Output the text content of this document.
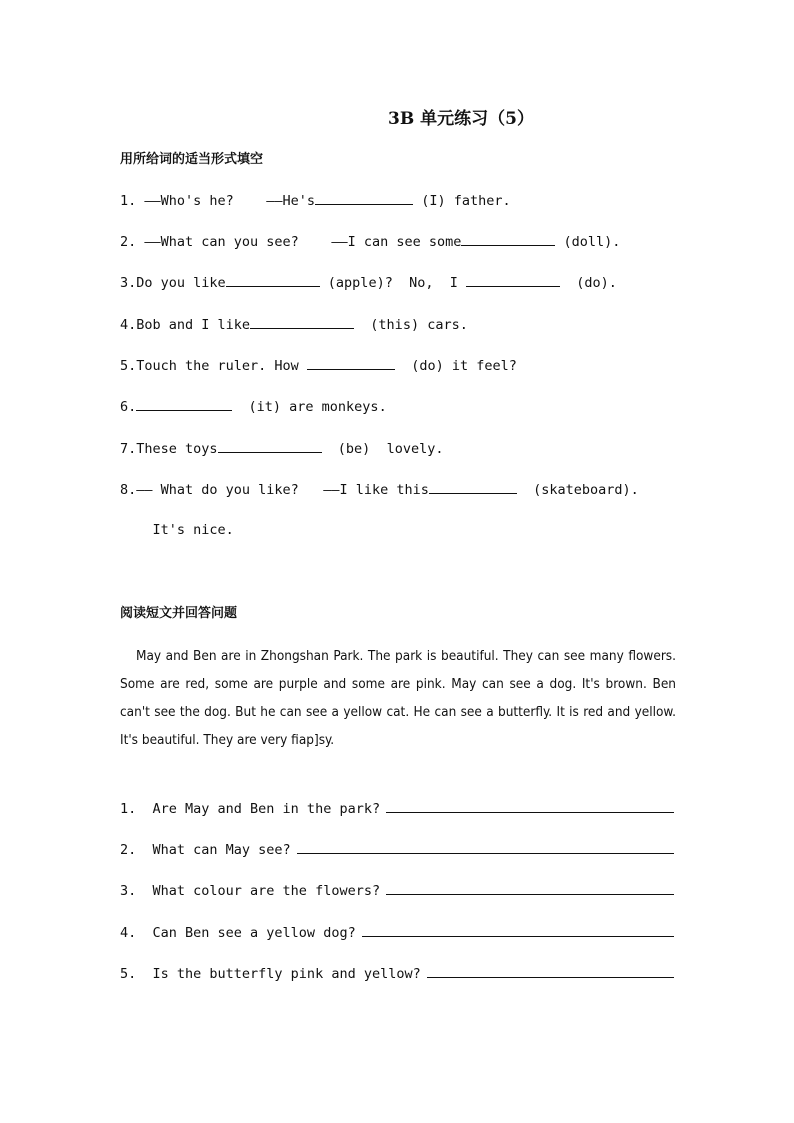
3B 单元练习（5）
用所给词的适当形式填空
1. ——Who's he?    ——He's	(I) father.
2. ——What can you see?    ——I can see some	(doll).
3.Do you like	(apple)?  No,  I	(do).
4.Bob and I like	(this) cars.
5.Touch the ruler. How	(do) it feel?
6.	(it) are monkeys.
7.These toys	(be)  lovely.
8.—— What do you like?   ——I like this	(skateboard).
It's nice.
阅读短文并回答问题
May and Ben are in Zhongshan Park. The park is beautiful. They can see many flowers. Some are red, some are purple and some are pink. May can see a dog. It's brown. Ben can't see the dog. But he can see a yellow cat. He can see a butterfly. It is red and yellow. It's beautiful. They are very fiap]sy.
1.  Are May and Ben in the park?
2.  What can May see?
3.  What colour are the flowers?
4.  Can Ben see a yellow dog?
5.  Is the butterfly pink and yellow?
